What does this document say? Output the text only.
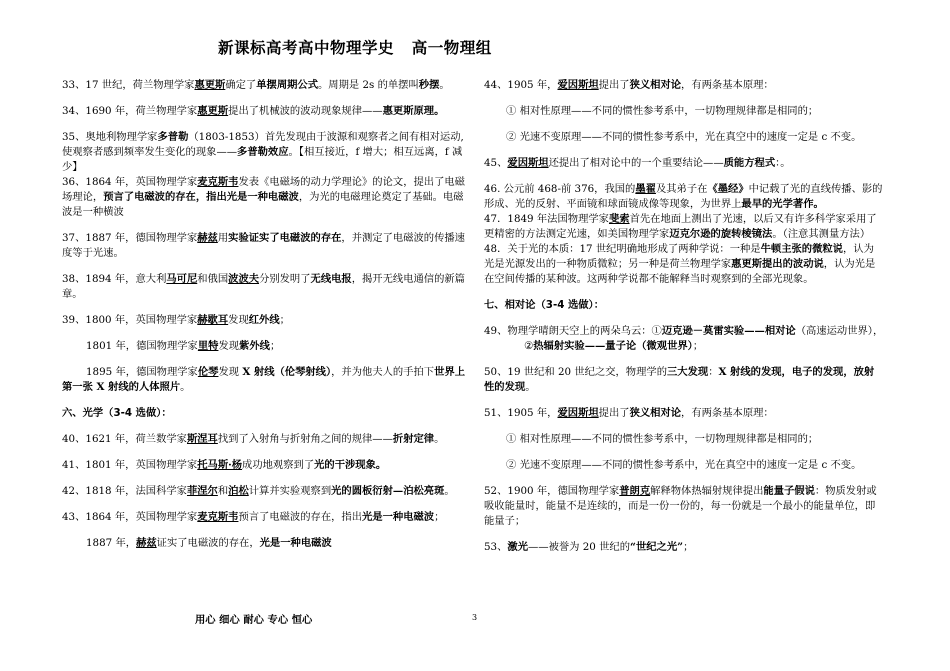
新课标高考高中物理学史   高一物理组

33、17 世纪，荷兰物理学家惠更斯确定了单摆周期公式。周期是 2s 的单摆叫秒摆。

34、1690 年，荷兰物理学家惠更斯提出了机械波的波动现象规律——惠更斯原理。

35、奥地利物理学家多普勒（1803-1853）首先发现由于波源和观察者之间有相对运动,使观察者感到频率发生变化的现象——多普勒效应。【相互接近，f 增大；相互远离，f 减少】

36、1864 年，英国物理学家麦克斯韦发表《电磁场的动力学理论》的论文，提出了电磁场理论，预言了电磁波的存在，指出光是一种电磁波，为光的电磁理论奠定了基础。电磁波是一种横波

37、1887 年，德国物理学家赫兹用实验证实了电磁波的存在，并测定了电磁波的传播速度等于光速。

38、1894 年，意大利马可尼和俄国波波夫分别发明了无线电报，揭开无线电通信的新篇章。

39、1800 年，英国物理学家赫歇耳发现红外线；

1801 年，德国物理学家里特发现紫外线；

1895 年，德国物理学家伦琴发现 X 射线（伦琴射线），并为他夫人的手拍下世界上第一张 X 射线的人体照片。

六、光学（3-4 选做）：

40、1621 年，荷兰数学家斯涅耳找到了入射角与折射角之间的规律——折射定律。

41、1801 年，英国物理学家托马斯·杨成功地观察到了光的干涉现象。

42、1818 年，法国科学家菲涅尔和泊松计算并实验观察到光的圆板衍射—泊松亮斑。

43、1864 年，英国物理学家麦克斯韦预言了电磁波的存在，指出光是一种电磁波；

1887 年，赫兹证实了电磁波的存在，光是一种电磁波

44、1905 年，爱因斯坦提出了狭义相对论，有两条基本原理：

① 相对性原理——不同的惯性参考系中，一切物理规律都是相同的；

② 光速不变原理——不同的惯性参考系中，光在真空中的速度一定是 c 不变。

45、爱因斯坦还提出了相对论中的一个重要结论——质能方程式：。

46. 公元前 468-前 376，我国的墨翟及其弟子在《墨经》中记载了光的直线传播、影的形成、光的反射、平面镜和球面镜成像等现象，为世界上最早的光学著作。

47．1849 年法国物理学家斐索首先在地面上测出了光速，以后又有许多科学家采用了更精密的方法测定光速，如美国物理学家迈克尔逊的旋转棱镜法。（注意其测量方法）

48．关于光的本质：17 世纪明确地形成了两种学说：一种是牛顿主张的微粒说，认为光是光源发出的一种物质微粒；另一种是荷兰物理学家惠更斯提出的波动说，认为光是在空间传播的某种波。这两种学说都不能解释当时观察到的全部光现象。

七、相对论（3-4 选做）：

49、物理学晴朗天空上的两朵乌云：①迈克逊－莫雷实验——相对论（高速运动世界），②热辐射实验——量子论（微观世界）；

50、19 世纪和 20 世纪之交，物理学的三大发现：X 射线的发现，电子的发现，放射性的发现。

51、1905 年，爱因斯坦提出了狭义相对论，有两条基本原理：

① 相对性原理——不同的惯性参考系中，一切物理规律都是相同的；

② 光速不变原理——不同的惯性参考系中，光在真空中的速度一定是 c 不变。

52、1900 年，德国物理学家普朗克解释物体热辐射规律提出能量子假说：物质发射或吸收能量时，能量不是连续的，而是一份一份的，每一份就是一个最小的能量单位，即能量子；

53、激光——被誉为 20 世纪的“世纪之光”；

用心 细心 耐心 专心 恒心	3
